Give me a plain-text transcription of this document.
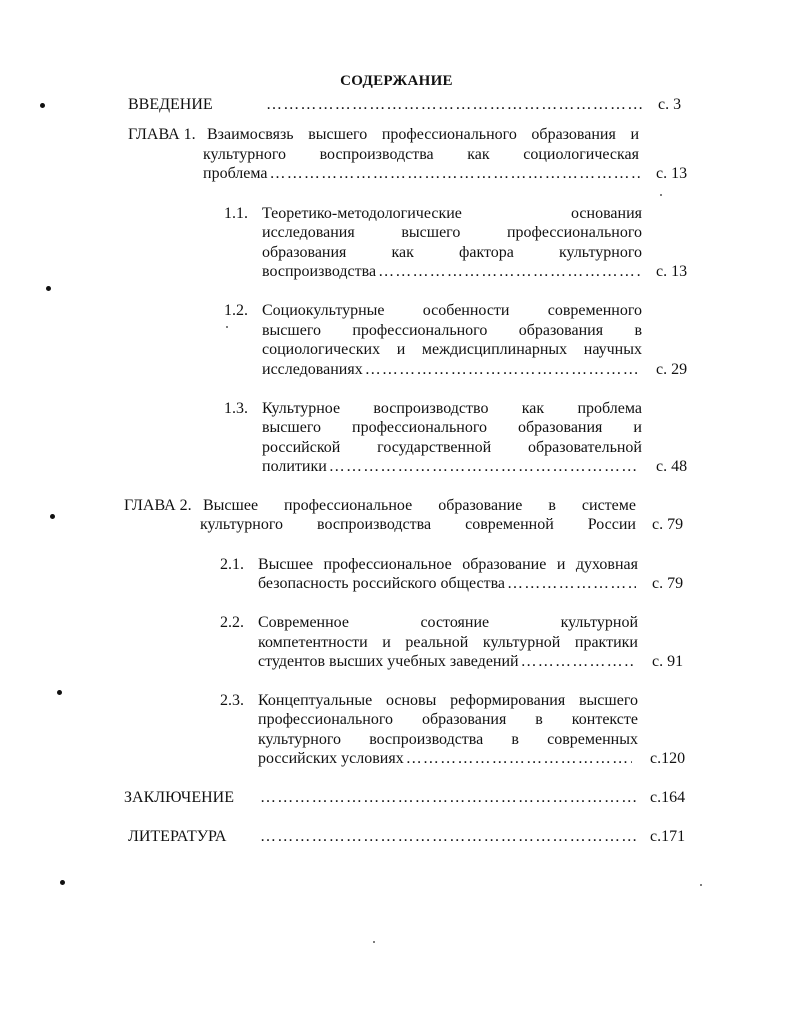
СОДЕРЖАНИЕ
ВВЕДЕНИЕ …………………………………………………………………………………………………………………………………	с. 3
ГЛАВА 1. Взаимосвязь высшего профессионального образования и
культурного воспроизводства как социологическая
проблема …………………………………………………………………………………………………………………………………	с. 13
1.1. Теоретико-методологические основания
исследования высшего профессионального
образования как фактора культурного
воспроизводства …………………………………………………………………………………………………………………………………	с. 13
1.2. Социокультурные особенности современного
высшего профессионального образования в
социологических и междисциплинарных научных
исследованиях …………………………………………………………………………………………………………………………………	с. 29
1.3. Культурное воспроизводство как проблема
высшего профессионального образования и
российской государственной образовательной
политики …………………………………………………………………………………………………………………………………	с. 48
ГЛАВА 2. Высшее профессиональное образование в системе
культурного воспроизводства современной России с. 79
2.1. Высшее профессиональное образование и духовная
безопасность российского общества …………………………………………………………………………………………………………………………………	с. 79
2.2. Современное состояние культурной
компетентности и реальной культурной практики
студентов высших учебных заведений …………………………………………………………………………………………………………………………………	с. 91
2.3. Концептуальные основы реформирования высшего
профессионального образования в контексте
культурного воспроизводства в современных
российских условиях …………………………………………………………………………………………………………………………………	с.120
ЗАКЛЮЧЕНИЕ …………………………………………………………………………………………………………………………………	с.164
ЛИТЕРАТУРА …………………………………………………………………………………………………………………………………	с.171
